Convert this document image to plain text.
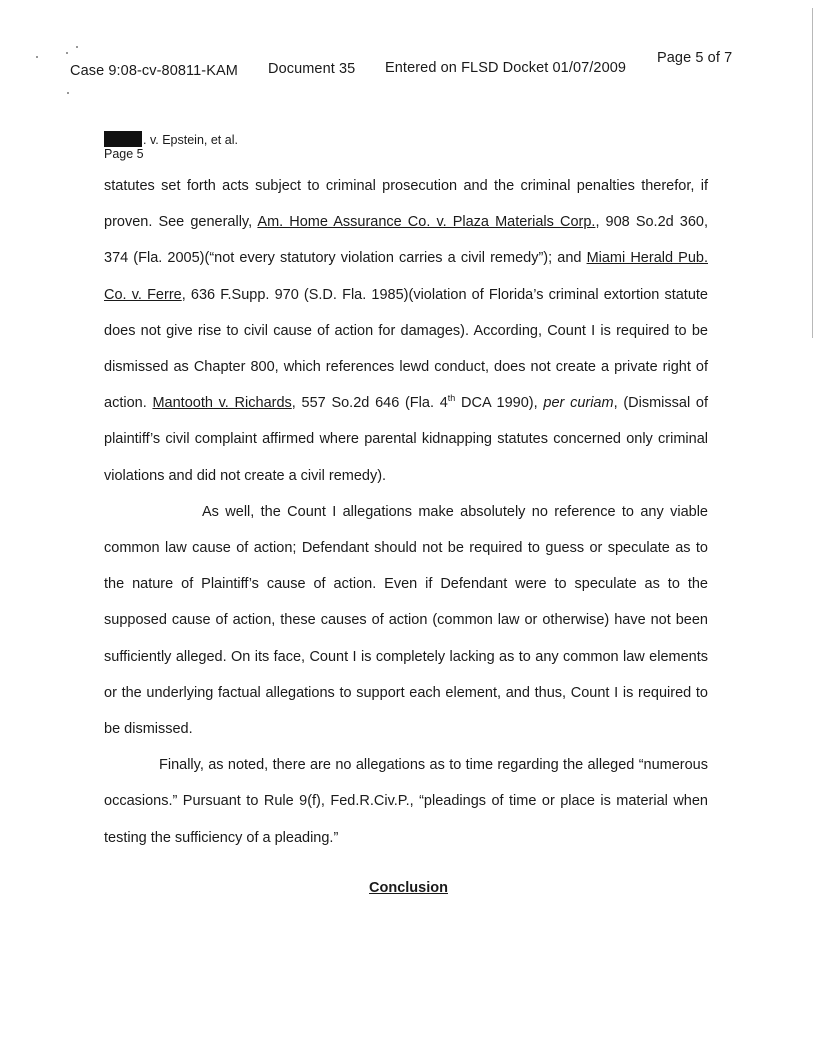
Case 9:08-cv-80811-KAM Document 35 Entered on FLSD Docket 01/07/2009
Page 5 of 7
. v. Epstein, et al.
Page 5

statutes set forth acts subject to criminal prosecution and the criminal penalties therefor, if proven. See generally, Am. Home Assurance Co. v. Plaza Materials Corp., 908 So.2d 360, 374 (Fla. 2005)(“not every statutory violation carries a civil remedy”); and Miami Herald Pub. Co. v. Ferre, 636 F.Supp. 970 (S.D. Fla. 1985)(violation of Florida’s criminal extortion statute does not give rise to civil cause of action for damages). According, Count I is required to be dismissed as Chapter 800, which references lewd conduct, does not create a private right of action. Mantooth v. Richards, 557 So.2d 646 (Fla. 4th DCA 1990), per curiam, (Dismissal of plaintiff’s civil complaint affirmed where parental kidnapping statutes concerned only criminal violations and did not create a civil remedy).

As well, the Count I allegations make absolutely no reference to any viable common law cause of action; Defendant should not be required to guess or speculate as to the nature of Plaintiff’s cause of action. Even if Defendant were to speculate as to the supposed cause of action, these causes of action (common law or otherwise) have not been sufficiently alleged. On its face, Count I is completely lacking as to any common law elements or the underlying factual allegations to support each element, and thus, Count I is required to be dismissed.

Finally, as noted, there are no allegations as to time regarding the alleged “numerous occasions.” Pursuant to Rule 9(f), Fed.R.Civ.P., “pleadings of time or place is material when testing the sufficiency of a pleading.”

Conclusion
